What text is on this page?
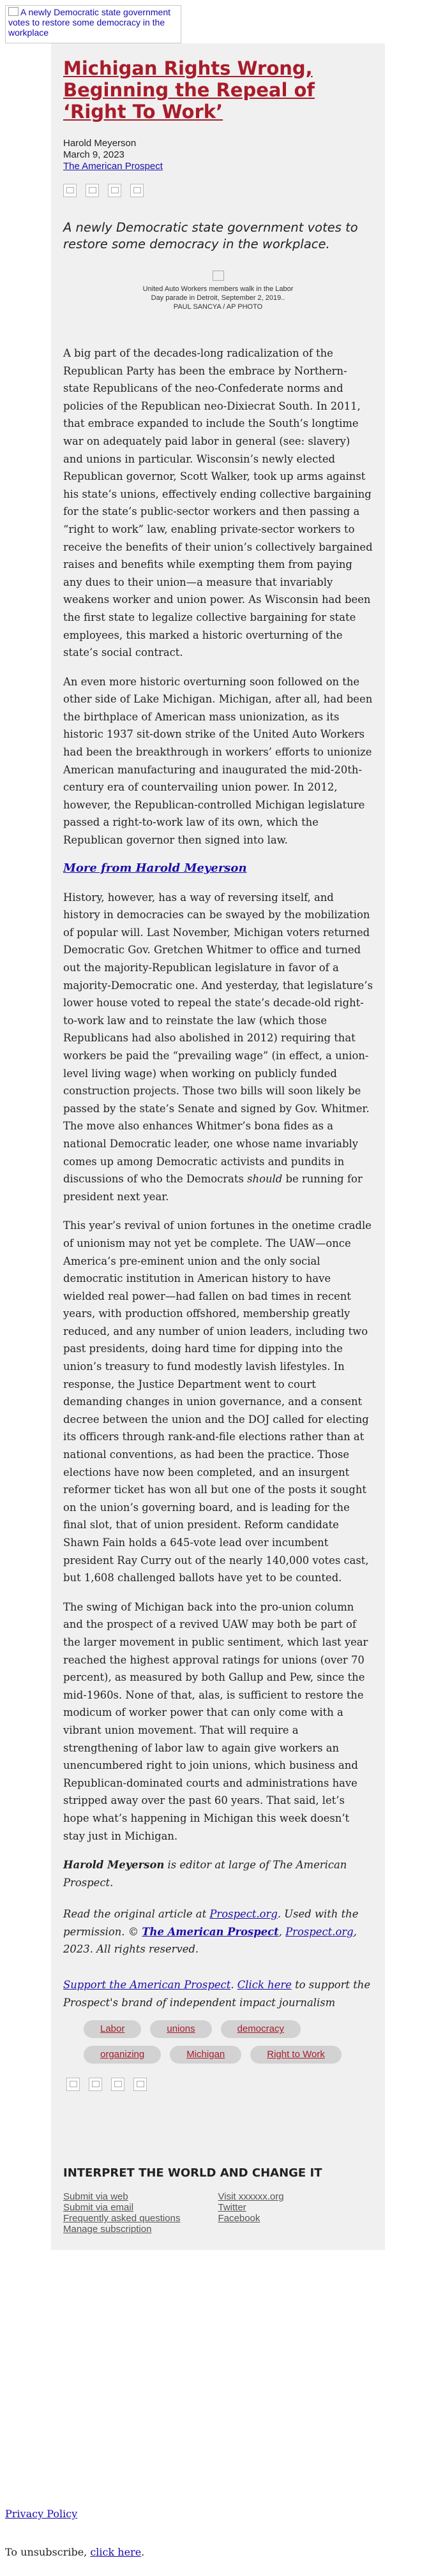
A newly Democratic state government votes to restore some democracy in the workplace
Michigan Rights Wrong, Beginning the Repeal of ‘Right To Work’
Harold Meyerson
March 9, 2023
The American Prospect

A newly Democratic state government votes to restore some democracy in the workplace.

United Auto Workers members walk in the Labor Day parade in Detroit, September 2, 2019.. PAUL SANCYA / AP PHOTO

A big part of the decades-long radicalization of the Republican Party has been the embrace by Northern-state Republicans of the neo-Confederate norms and policies of the Republican neo-Dixiecrat South. In 2011, that embrace expanded to include the South’s longtime war on adequately paid labor in general (see: slavery) and unions in particular. Wisconsin’s newly elected Republican governor, Scott Walker, took up arms against his state’s unions, effectively ending collective bargaining for the state’s public-sector workers and then passing a “right to work” law, enabling private-sector workers to receive the benefits of their union’s collectively bargained raises and benefits while exempting them from paying any dues to their union—a measure that invariably weakens worker and union power. As Wisconsin had been the first state to legalize collective bargaining for state employees, this marked a historic overturning of the state’s social contract.

An even more historic overturning soon followed on the other side of Lake Michigan. Michigan, after all, had been the birthplace of American mass unionization, as its historic 1937 sit-down strike of the United Auto Workers had been the breakthrough in workers’ efforts to unionize American manufacturing and inaugurated the mid-20th-century era of countervailing union power. In 2012, however, the Republican-controlled Michigan legislature passed a right-to-work law of its own, which the Republican governor then signed into law.

More from Harold Meyerson

History, however, has a way of reversing itself, and history in democracies can be swayed by the mobilization of popular will. Last November, Michigan voters returned Democratic Gov. Gretchen Whitmer to office and turned out the majority-Republican legislature in favor of a majority-Democratic one. And yesterday, that legislature’s lower house voted to repeal the state’s decade-old right-to-work law and to reinstate the law (which those Republicans had also abolished in 2012) requiring that workers be paid the “prevailing wage” (in effect, a union-level living wage) when working on publicly funded construction projects. Those two bills will soon likely be passed by the state’s Senate and signed by Gov. Whitmer. The move also enhances Whitmer’s bona fides as a national Democratic leader, one whose name invariably comes up among Democratic activists and pundits in discussions of who the Democrats should be running for president next year.

This year’s revival of union fortunes in the onetime cradle of unionism may not yet be complete. The UAW—once America’s pre-eminent union and the only social democratic institution in American history to have wielded real power—had fallen on bad times in recent years, with production offshored, membership greatly reduced, and any number of union leaders, including two past presidents, doing hard time for dipping into the union’s treasury to fund modestly lavish lifestyles. In response, the Justice Department went to court demanding changes in union governance, and a consent decree between the union and the DOJ called for electing its officers through rank-and-file elections rather than at national conventions, as had been the practice. Those elections have now been completed, and an insurgent reformer ticket has won all but one of the posts it sought on the union’s governing board, and is leading for the final slot, that of union president. Reform candidate Shawn Fain holds a 645-vote lead over incumbent president Ray Curry out of the nearly 140,000 votes cast, but 1,608 challenged ballots have yet to be counted.

The swing of Michigan back into the pro-union column and the prospect of a revived UAW may both be part of the larger movement in public sentiment, which last year reached the highest approval ratings for unions (over 70 percent), as measured by both Gallup and Pew, since the mid-1960s. None of that, alas, is sufficient to restore the modicum of worker power that can only come with a vibrant union movement. That will require a strengthening of labor law to again give workers an unencumbered right to join unions, which business and Republican-dominated courts and administrations have stripped away over the past 60 years. That said, let’s hope what’s happening in Michigan this week doesn’t stay just in Michigan.

Harold Meyerson is editor at large of The American Prospect.

Read the original article at Prospect.org. Used with the permission. © The American Prospect, Prospect.org, 2023. All rights reserved.

Support the American Prospect. Click here to support the Prospect's brand of independent impact journalism

Labor	unions	democracy
organizing	Michigan	Right to Work
INTERPRET THE WORLD AND CHANGE IT
Submit via web
Submit via email
Frequently asked questions
Manage subscription
Visit xxxxxx.org
Twitter
Facebook
Privacy Policy
To unsubscribe, click here.
